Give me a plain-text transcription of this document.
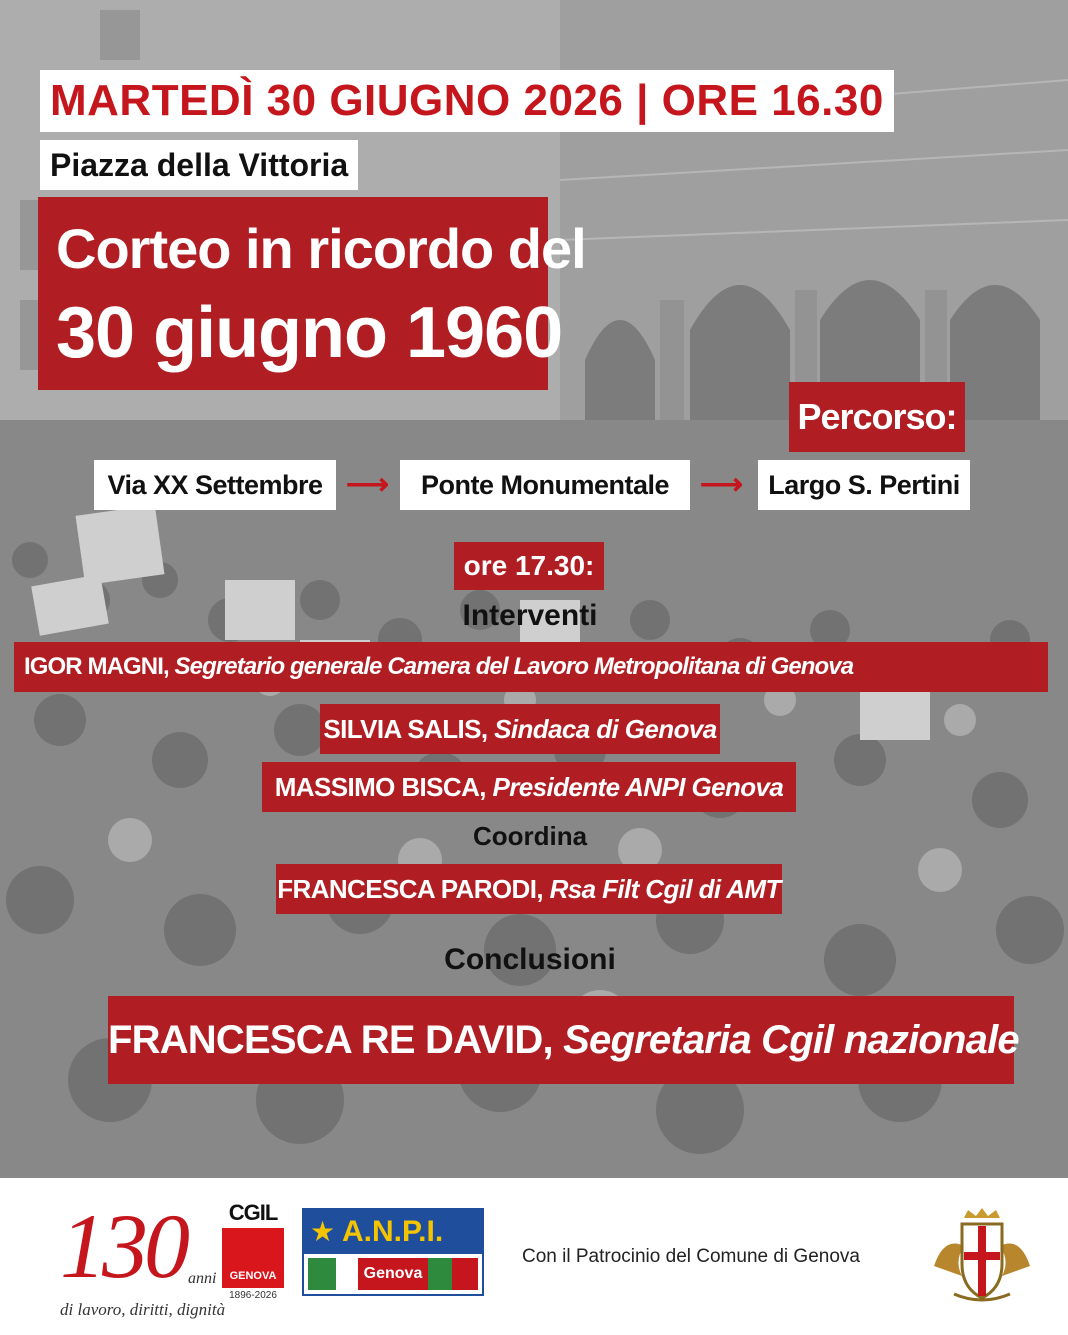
MARTEDÌ 30 GIUGNO 2026 | ORE 16.30
Piazza della Vittoria
Corteo in ricordo del
30 giugno 1960
Percorso:
Via XX Settembre ⟶	Ponte Monumentale	⟶ Largo S. Pertini
ore 17.30:
Interventi
IGOR MAGNI, Segretario generale Camera del Lavoro Metropolitana di Genova
SILVIA SALIS, Sindaca di Genova
MASSIMO BISCA, Presidente ANPI Genova
Coordina
FRANCESCA PARODI, Rsa Filt Cgil di AMT
Conclusioni
FRANCESCA RE DAVID, Segretaria Cgil nazionale
130 anni
di lavoro, diritti, dignità
CGIL
GENOVA
1896-2026
★ A.N.P.I.
Genova
Con il Patrocinio del Comune di Genova
